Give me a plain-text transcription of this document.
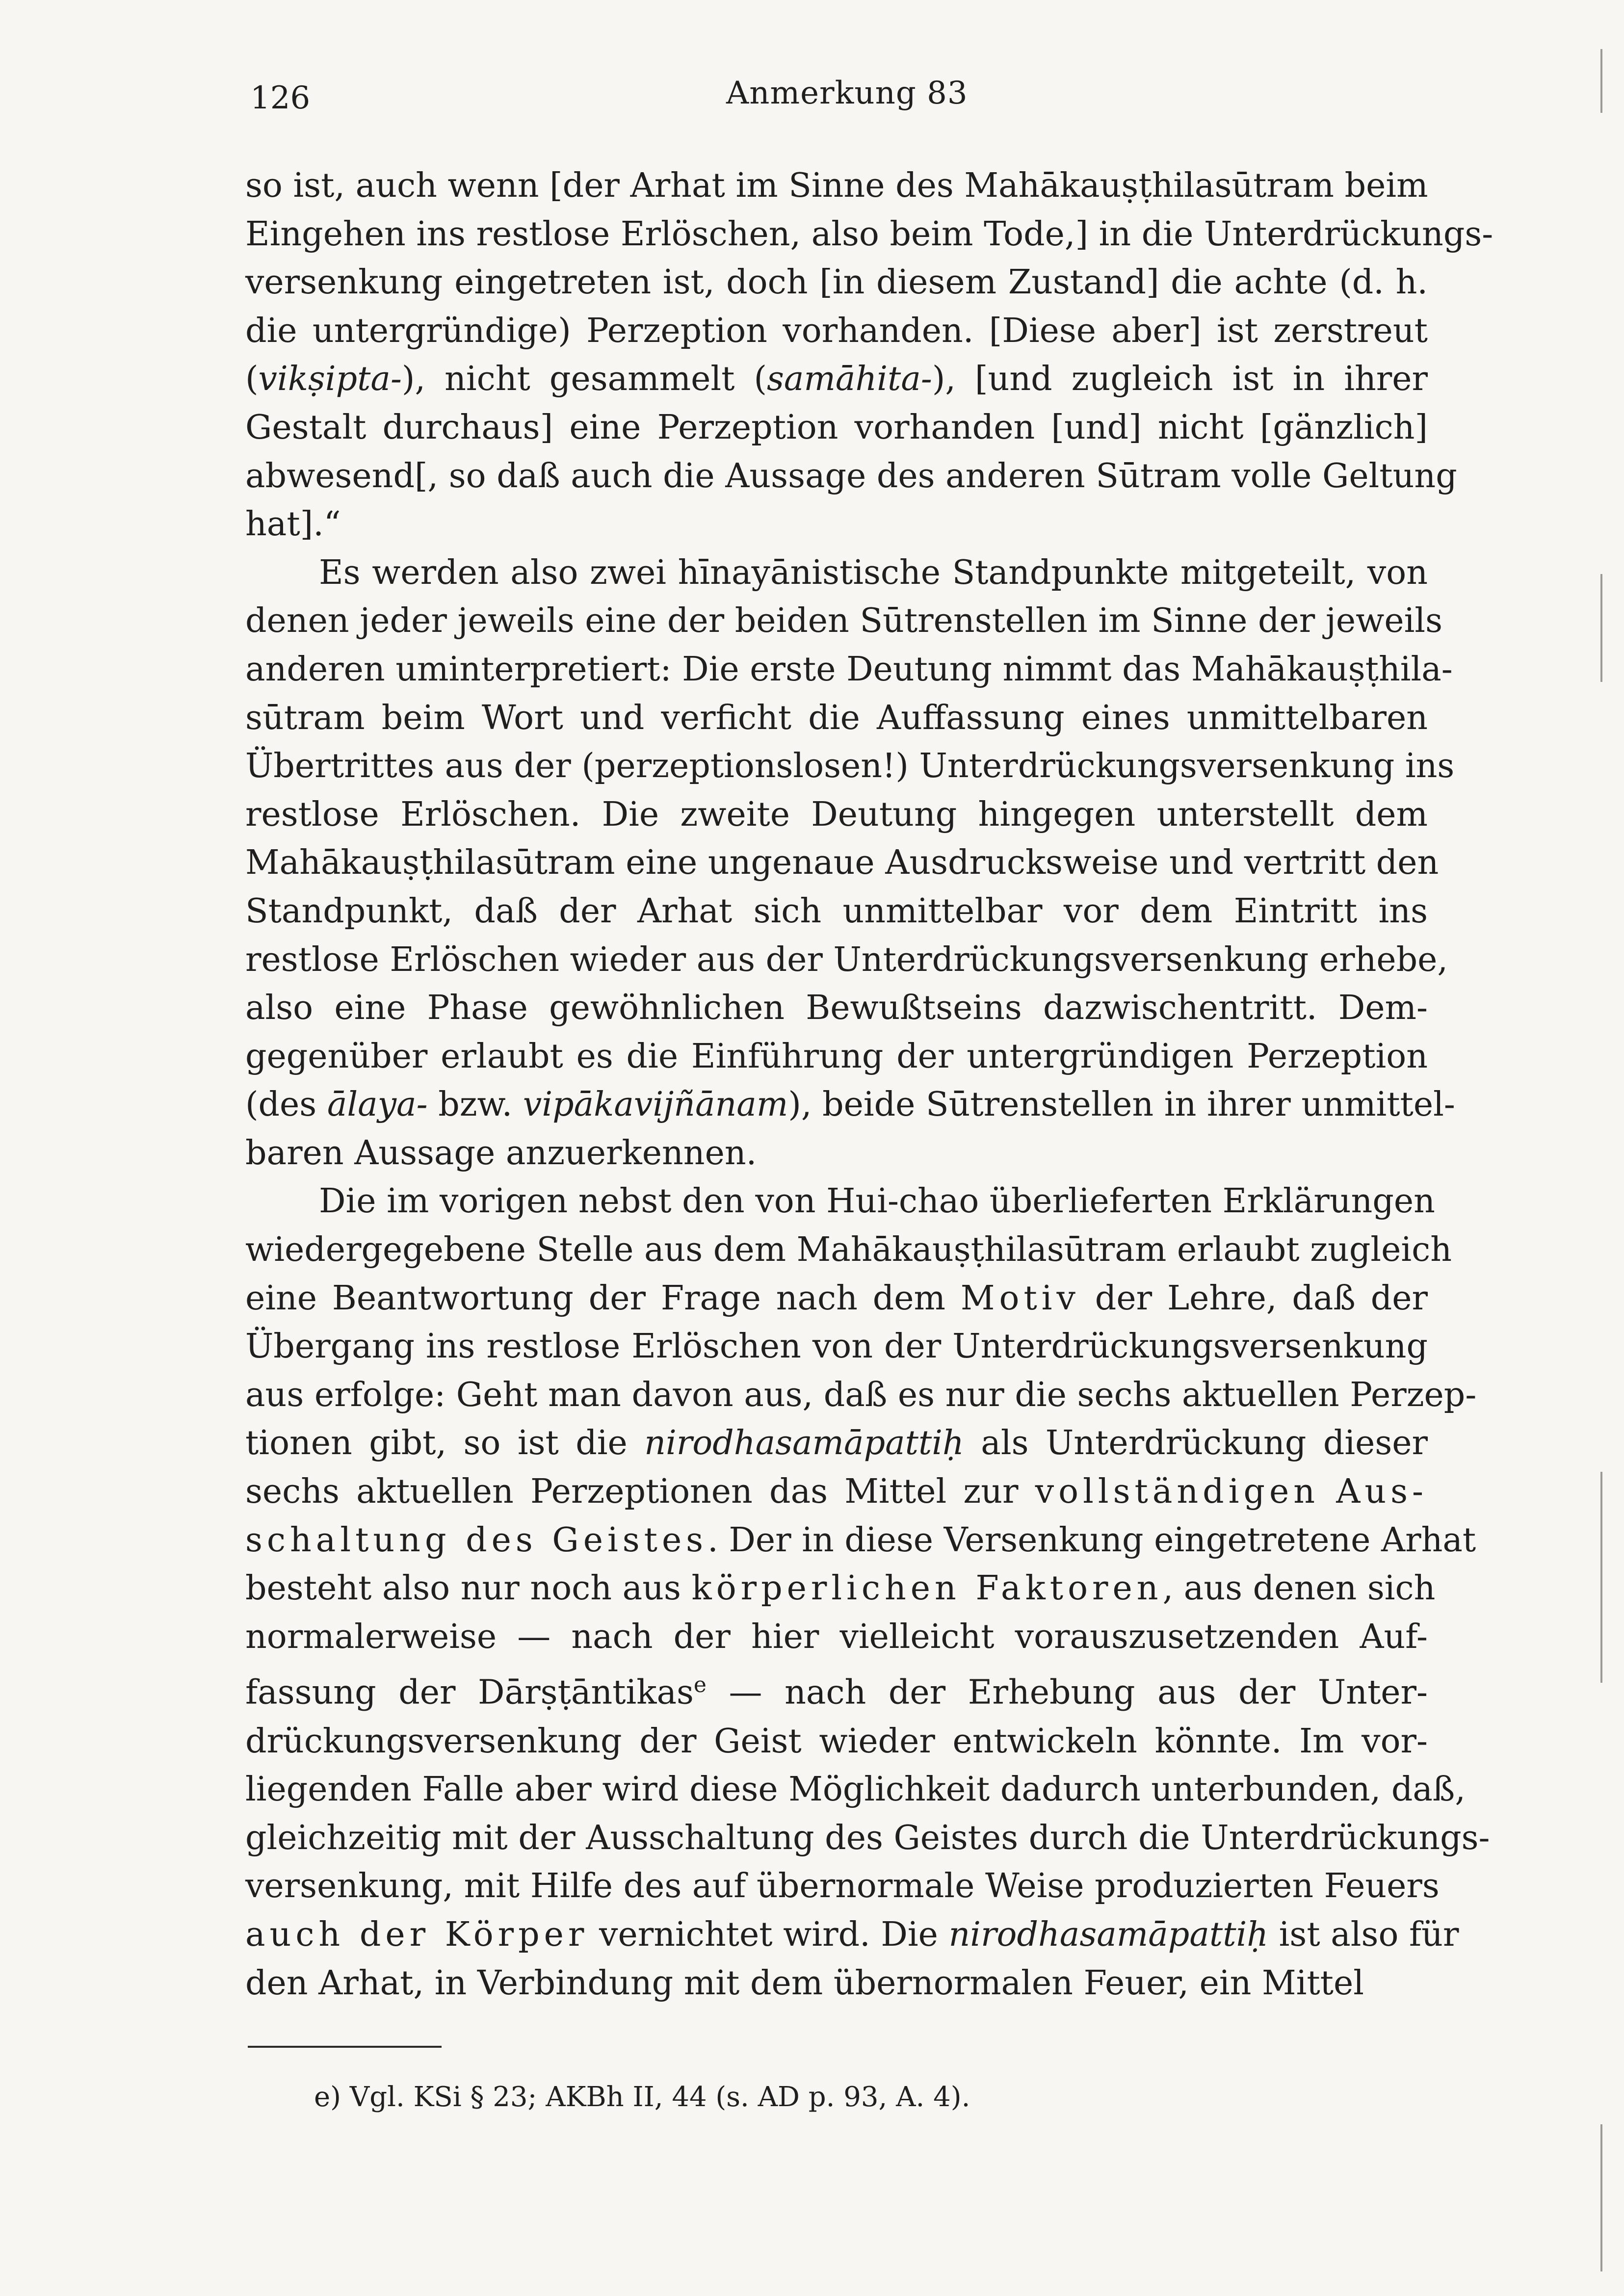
126	Anmerkung 83

so ist, auch wenn [der Arhat im Sinne des Mahākauṣṭhilasūtram beim
Eingehen ins restlose Erlöschen, also beim Tode,] in die Unterdrückungs-
versenkung eingetreten ist, doch [in diesem Zustand] die achte (d. h.
die untergründige) Perzeption vorhanden. [Diese aber] ist zerstreut
(vikṣipta-), nicht gesammelt (samāhita-), [und zugleich ist in ihrer
Gestalt durchaus] eine Perzeption vorhanden [und] nicht [gänzlich]
abwesend[, so daß auch die Aussage des anderen Sūtram volle Geltung
hat].“

Es werden also zwei hīnayānistische Standpunkte mitgeteilt, von
denen jeder jeweils eine der beiden Sūtrenstellen im Sinne der jeweils
anderen uminterpretiert: Die erste Deutung nimmt das Mahākauṣṭhila-
sūtram beim Wort und verficht die Auffassung eines unmittelbaren
Übertrittes aus der (perzeptionslosen!) Unterdrückungsversenkung ins
restlose Erlöschen. Die zweite Deutung hingegen unterstellt dem
Mahākauṣṭhilasūtram eine ungenaue Ausdrucksweise und vertritt den
Standpunkt, daß der Arhat sich unmittelbar vor dem Eintritt ins
restlose Erlöschen wieder aus der Unterdrückungsversenkung erhebe,
also eine Phase gewöhnlichen Bewußtseins dazwischentritt. Dem-
gegenüber erlaubt es die Einführung der untergründigen Perzeption
(des ālaya- bzw. vipākavijñānam), beide Sūtrenstellen in ihrer unmittel-
baren Aussage anzuerkennen.

Die im vorigen nebst den von Hui-chao überlieferten Erklärungen
wiedergegebene Stelle aus dem Mahākauṣṭhilasūtram erlaubt zugleich
eine Beantwortung der Frage nach dem Motiv der Lehre, daß der
Übergang ins restlose Erlöschen von der Unterdrückungsversenkung
aus erfolge: Geht man davon aus, daß es nur die sechs aktuellen Perzep-
tionen gibt, so ist die nirodhasamāpattiḥ als Unterdrückung dieser
sechs aktuellen Perzeptionen das Mittel zur vollständigen Aus-
schaltung des Geistes. Der in diese Versenkung eingetretene Arhat
besteht also nur noch aus körperlichen Faktoren, aus denen sich
normalerweise — nach der hier vielleicht vorauszusetzenden Auf-
fassung der Dārṣṭāntikas$^e$ — nach der Erhebung aus der Unter-
drückungsversenkung der Geist wieder entwickeln könnte. Im vor-
liegenden Falle aber wird diese Möglichkeit dadurch unterbunden, daß,
gleichzeitig mit der Ausschaltung des Geistes durch die Unterdrückungs-
versenkung, mit Hilfe des auf übernormale Weise produzierten Feuers
auch der Körper vernichtet wird. Die nirodhasamāpattiḥ ist also für
den Arhat, in Verbindung mit dem übernormalen Feuer, ein Mittel

e) Vgl. KSi § 23; AKBh II, 44 (s. AD p. 93, A. 4).
